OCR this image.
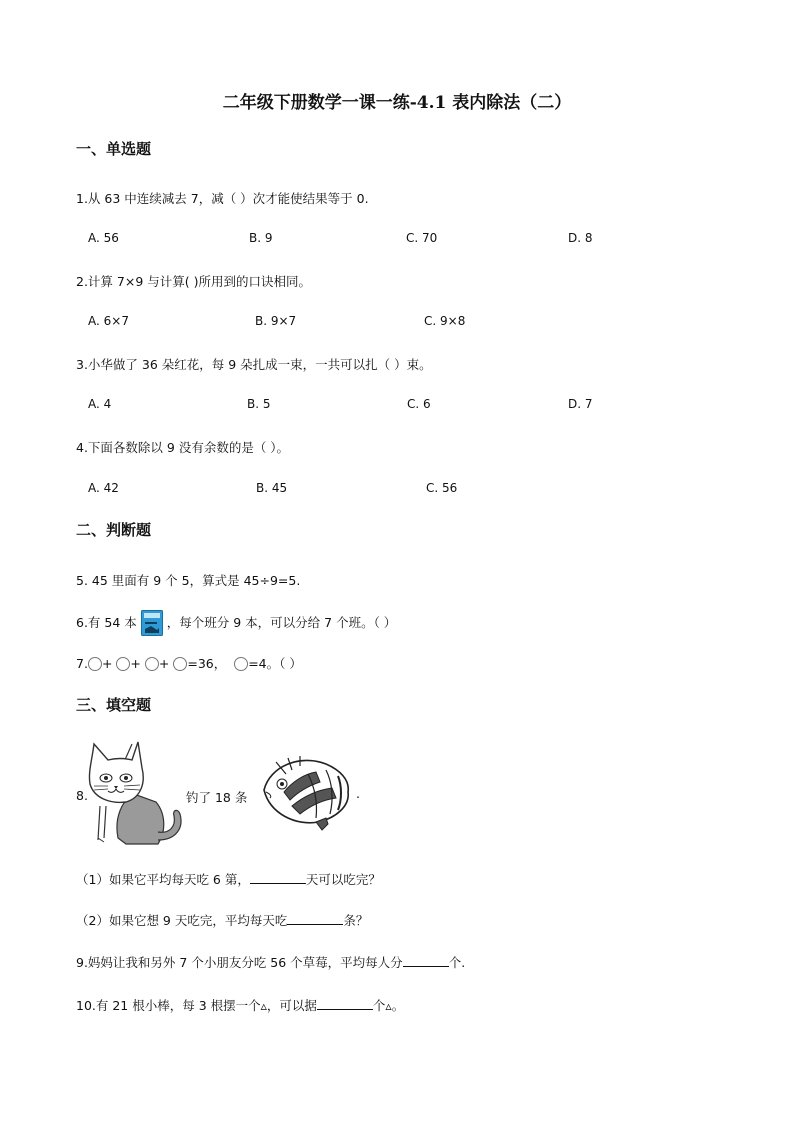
二年级下册数学一课一练-4.1 表内除法（二）
一、单选题
1.从 63 中连续减去 7，减（ ）次才能使结果等于 0.
A. 56	B. 9	C. 70	D. 8
2.计算 7×9 与计算( )所用到的口诀相同。
A. 6×7	B. 9×7	C. 9×8
3.小华做了 36 朵红花，每 9 朵扎成一束，一共可以扎（ ）束。
A. 4	B. 5	C. 6	D. 7
4.下面各数除以 9 没有余数的是（ ）。
A. 42	B. 45	C. 56
二、判断题
5. 45 里面有 9 个 5，算式是 45÷9=5.
6.有 54 本 ，每个班分 9 本，可以分给 7 个班。（ ）
7. + + + =36， =4。（ ）
三、填空题
8.	钓了 18 条	.
（1）如果它平均每天吃 6 第，	天可以吃完？
（2）如果它想 9 天吃完，平均每天吃	条？
9.妈妈让我和另外 7 个小朋友分吃 56 个草莓，平均每人分	个.
10.有 21 根小棒，每 3 根摆一个▵，可以据	个▵。
